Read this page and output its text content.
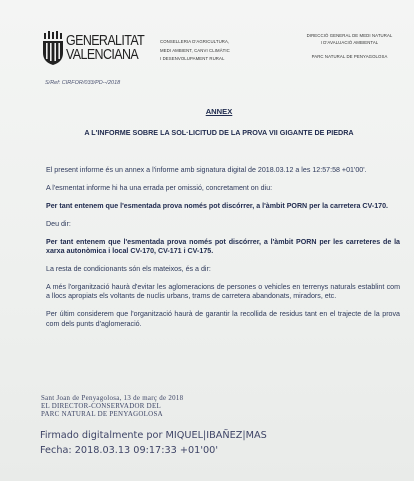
GENERALITAT
VALENCIANA
CONSELLERIA D'AGRICULTURA,
MEDI AMBIENT, CANVI CLIMÀTIC
I DESENVOLUPAMENT RURAL
DIRECCIÓ GENERAL DE MEDI NATURAL
I D'AVALUACIÓ AMBIENTAL
PARC NATURAL DE PENYAGOLOSA
S/Ref: CIRFOR/033/PD--/2018
ANNEX
A L'INFORME SOBRE LA SOL·LICITUD DE LA PROVA VII GIGANTE DE PIEDRA

El present informe és un annex a l'informe amb signatura digital de 2018.03.12 a les 12:57:58 +01'00'.

A l'esmentat informe hi ha una errada per omissió, concretament on diu:

Per tant entenem que l'esmentada prova només pot discórrer, a l'àmbit PORN per la carretera CV-170.

Deu dir:

Per tant entenem que l'esmentada prova només pot discórrer, a l'àmbit PORN per les carreteres de la xarxa autonòmica i local CV-170, CV-171 i CV-175.

La resta de condicionants són els mateixos, és a dir:

A més l'organització haurà d'evitar les aglomeracions de persones o vehicles en terrenys naturals establint com a llocs apropiats els voltants de nuclis urbans, trams de carretera abandonats, miradors, etc.

Per últim considerem que l'organització haurà de garantir la recollida de residus tant en el trajecte de la prova com dels punts d'aglomeració.

Sant Joan de Penyagolosa, 13 de març de 2018
EL DIRECTOR-CONSERVADOR DEL
PARC NATURAL DE PENYAGOLOSA
Firmado digitalmente por MIQUEL|IBAÑEZ|MAS
Fecha: 2018.03.13 09:17:33 +01'00'
